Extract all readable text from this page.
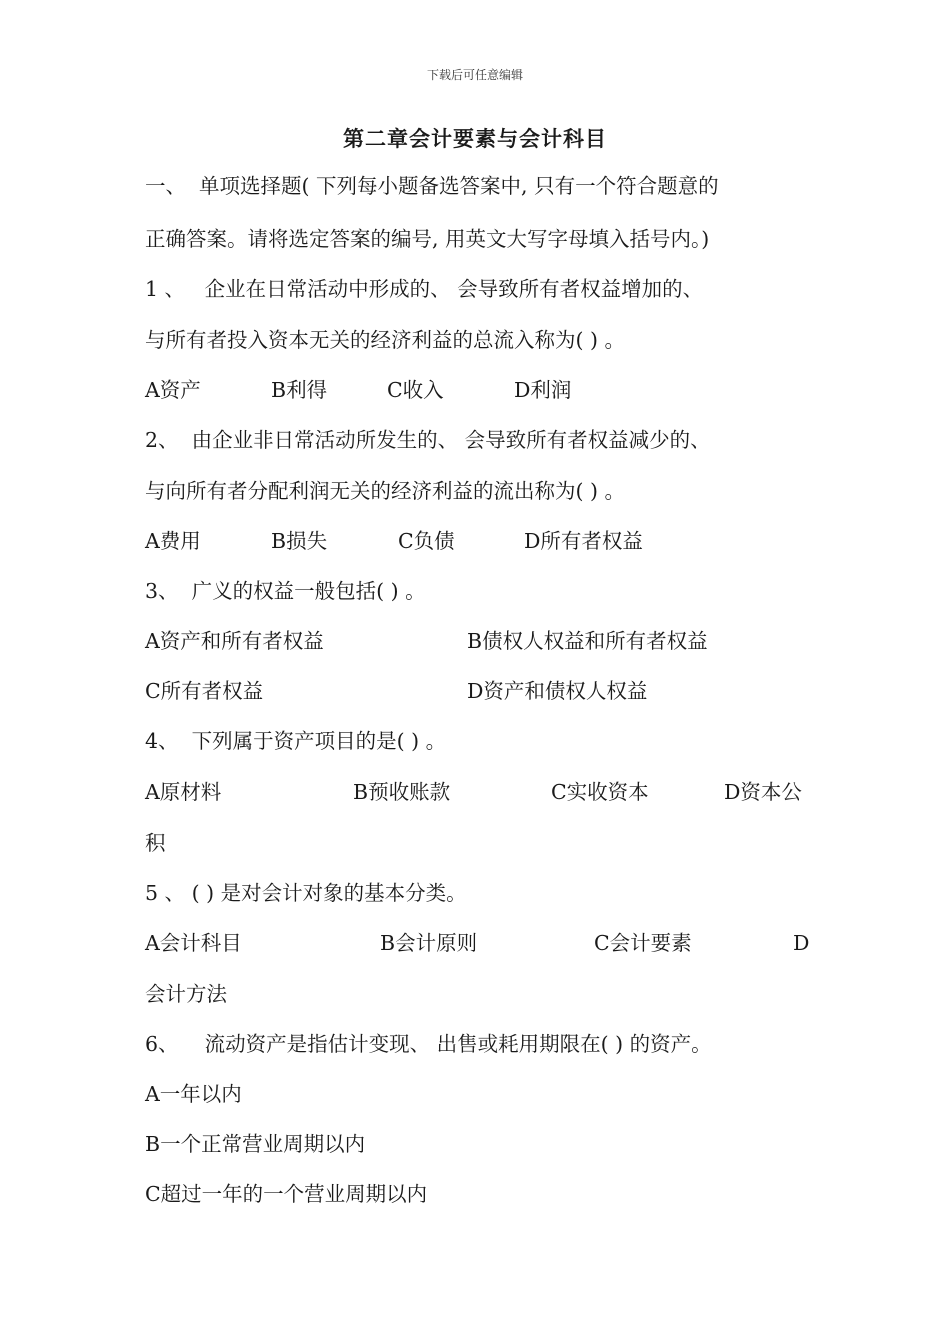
下载后可任意编辑
第二章会计要素与会计科目
一、  单项选择题( 下列每小题备选答案中, 只有一个符合题意的
正确答案。请将选定答案的编号, 用英文大写字母填入括号内。)
1 、   企业在日常活动中形成的、 会导致所有者权益增加的、
与所有者投入资本无关的经济利益的总流入称为( ) 。
A资产	B利得	C收入	D利润
2、  由企业非日常活动所发生的、 会导致所有者权益减少的、
与向所有者分配利润无关的经济利益的流出称为( ) 。
A费用	B损失	C负债	D所有者权益
3、  广义的权益一般包括( ) 。
A资产和所有者权益	B债权人权益和所有者权益
C所有者权益	D资产和债权人权益
4、  下列属于资产项目的是( ) 。
A原材料	B预收账款	C实收资本	D资本公
积
5 、 ( ) 是对会计对象的基本分类。
A会计科目	B会计原则	C会计要素	D
会计方法
6、    流动资产是指估计变现、 出售或耗用期限在( ) 的资产。
A一年以内
B一个正常营业周期以内
C超过一年的一个营业周期以内
